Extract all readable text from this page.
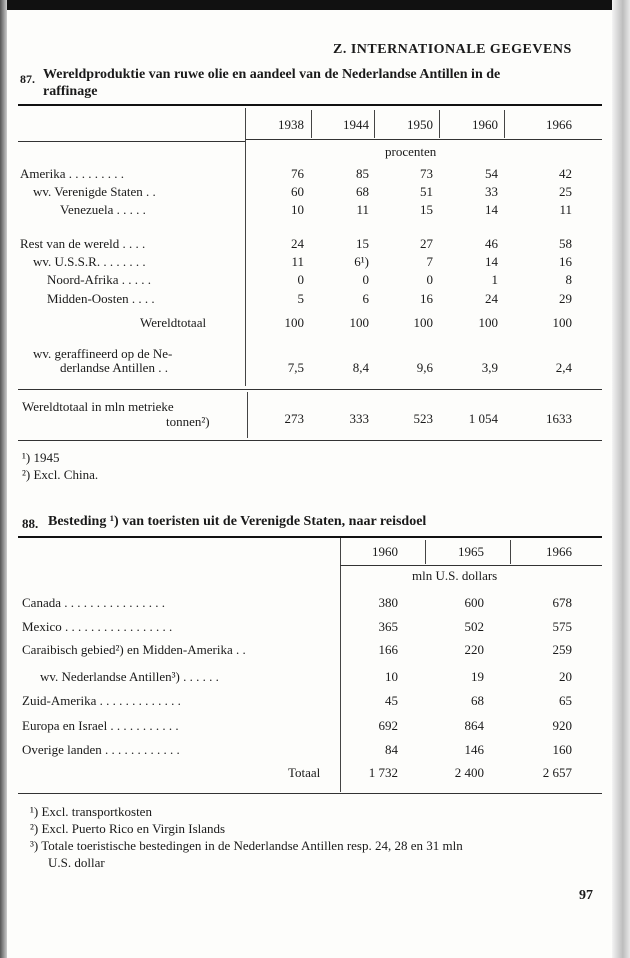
Z. INTERNATIONALE GEGEVENS
87. Wereldproduktie van ruwe olie en aandeel van de Nederlandse Antillen in de
raffinage
procenten
1938	1944	1950	1960	1966
Amerika . . . . . . . . .	76	85	73	54	42
wv. Verenigde Staten . .	60	68	51	33	25
Venezuela . . . . .	10	11	15	14	11
Rest van de wereld . . . .	24	15	27	46	58
wv. U.S.S.R. . . . . . . .	11	6¹)	7	14	16
Noord-Afrika . . . . .	0	0	0	1	8
Midden-Oosten . . . .	5	6	16	24	29
Wereldtotaal	100	100	100	100	100
wv. geraffineerd op de Ne-
derlandse Antillen . .	7,5	8,4	9,6	3,9	2,4
Wereldtotaal in mln metrieke
tonnen²)	273	333	523	1 054	1633
¹) 1945
²) Excl. China.
88. Besteding ¹) van toeristen uit de Verenigde Staten, naar reisdoel
mln U.S. dollars
1960	1965	1966
Canada . . . . . . . . . . . . . . . .	380	600	678
Mexico . . . . . . . . . . . . . . . . .	365	502	575
Caraibisch gebied²) en Midden-Amerika . .	166	220	259
wv. Nederlandse Antillen³) . . . . . .	10	19	20
Zuid-Amerika . . . . . . . . . . . . .	45	68	65
Europa en Israel . . . . . . . . . . .	692	864	920
Overige landen . . . . . . . . . . . .	84	146	160
Totaal	1 732	2 400	2 657
¹) Excl. transportkosten
²) Excl. Puerto Rico en Virgin Islands
³) Totale toeristische bestedingen in de Nederlandse Antillen resp. 24, 28 en 31 mln
U.S. dollar
97
